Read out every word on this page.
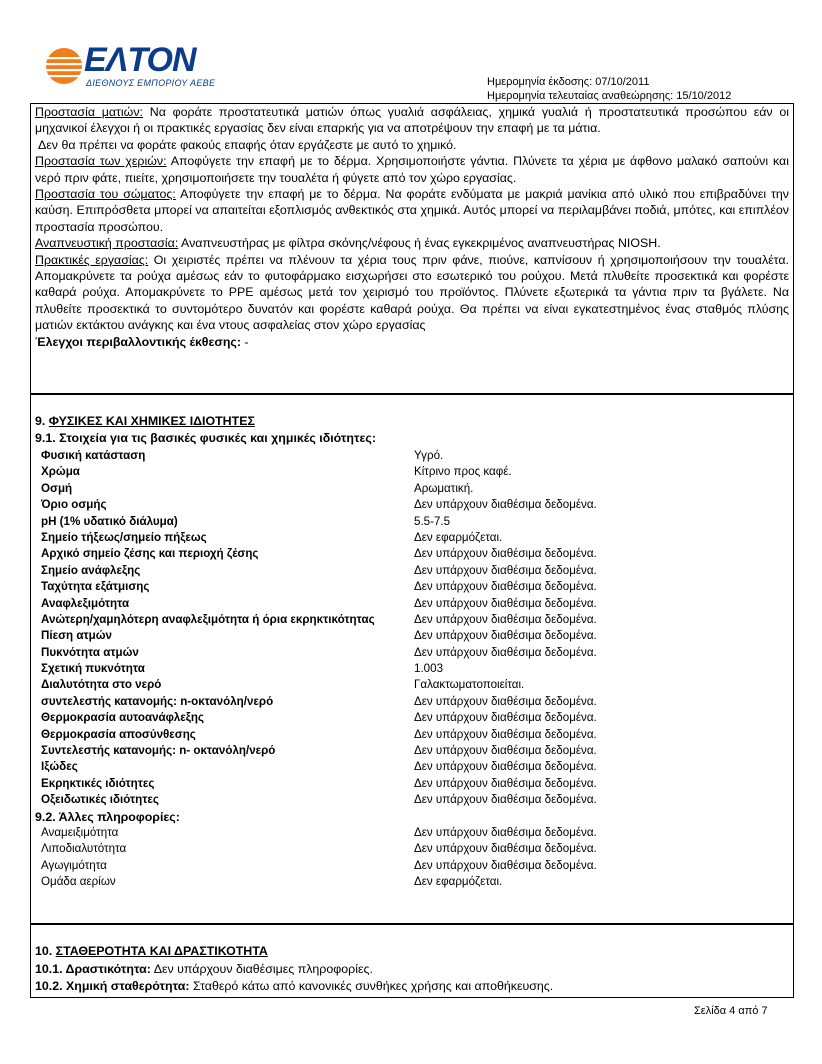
EΛTON
ΔΙΕΘΝΟΥΣ ΕΜΠΟΡΙΟΥ ΑΕΒΕ	Ημερομηνία έκδοσης: 07/10/2011
Ημερομηνία τελευταίας αναθεώρησης: 15/10/2012
Προστασία ματιών: Να φοράτε προστατευτικά ματιών όπως γυαλιά ασφάλειας, χημικά γυαλιά ή προστατευτικά προσώπου εάν οι μηχανικοί έλεγχοι ή οι πρακτικές εργασίας δεν είναι επαρκής για να αποτρέψουν την επαφή με τα μάτια.
Δεν θα πρέπει να φοράτε φακούς επαφής όταν εργάζεστε με αυτό το χημικό.
Προστασία των χεριών: Αποφύγετε την επαφή με το δέρμα. Χρησιμοποιήστε γάντια. Πλύνετε τα χέρια με άφθονο μαλακό σαπούνι και νερό πριν φάτε, πιείτε, χρησιμοποιήσετε την τουαλέτα ή φύγετε από τον χώρο εργασίας.
Προστασία του σώματος: Αποφύγετε την επαφή με το δέρμα. Να φοράτε ενδύματα με μακριά μανίκια από υλικό που επιβραδύνει την καύση. Επιπρόσθετα μπορεί να απαιτείται εξοπλισμός ανθεκτικός στα χημικά. Αυτός μπορεί να περιλαμβάνει ποδιά, μπότες, και επιπλέον προστασία προσώπου.
Αναπνευστική προστασία: Αναπνευστήρας με φίλτρα σκόνης/νέφους ή ένας εγκεκριμένος αναπνευστήρας NIOSH.
Πρακτικές εργασίας: Οι χειριστές πρέπει να πλένουν τα χέρια τους πριν φάνε, πιούνε, καπνίσουν ή χρησιμοποιήσουν την τουαλέτα. Απομακρύνετε τα ρούχα αμέσως εάν το φυτοφάρμακο εισχωρήσει στο εσωτερικό του ρούχου. Μετά πλυθείτε προσεκτικά και φορέστε καθαρά ρούχα. Απομακρύνετε το PPE αμέσως μετά τον χειρισμό του προϊόντος. Πλύνετε εξωτερικά τα γάντια πριν τα βγάλετε. Να πλυθείτε προσεκτικά το συντομότερο δυνατόν και φορέστε καθαρά ρούχα. Θα πρέπει να είναι εγκατεστημένος ένας σταθμός πλύσης ματιών εκτάκτου ανάγκης και ένα ντους ασφαλείας στον χώρο εργασίας
Έλεγχοι περιβαλλοντικής έκθεσης: -
9. ΦΥΣΙΚΕΣ ΚΑΙ ΧΗΜΙΚΕΣ ΙΔΙΟΤΗΤΕΣ
9.1. Στοιχεία για τις βασικές φυσικές και χημικές ιδιότητες:
Φυσική κατάσταση	Υγρό.
Χρώμα	Κίτρινο προς καφέ.
Οσμή	Αρωματική.
Όριο οσμής	Δεν υπάρχουν διαθέσιμα δεδομένα.
pH (1% υδατικό διάλυμα)	5.5-7.5
Σημείο τήξεως/σημείο πήξεως	Δεν εφαρμόζεται.
Αρχικό σημείο ζέσης και περιοχή ζέσης	Δεν υπάρχουν διαθέσιμα δεδομένα.
Σημείο ανάφλεξης	Δεν υπάρχουν διαθέσιμα δεδομένα.
Ταχύτητα εξάτμισης	Δεν υπάρχουν διαθέσιμα δεδομένα.
Αναφλεξιμότητα	Δεν υπάρχουν διαθέσιμα δεδομένα.
Ανώτερη/χαμηλότερη αναφλεξιμότητα ή όρια εκρηκτικότητας	Δεν υπάρχουν διαθέσιμα δεδομένα.
Πίεση ατμών	Δεν υπάρχουν διαθέσιμα δεδομένα.
Πυκνότητα ατμών	Δεν υπάρχουν διαθέσιμα δεδομένα.
Σχετική πυκνότητα	1.003
Διαλυτότητα στο νερό	Γαλακτωματοποιείται.
συντελεστής κατανομής: n-οκτανόλη/νερό	Δεν υπάρχουν διαθέσιμα δεδομένα.
Θερμοκρασία αυτοανάφλεξης	Δεν υπάρχουν διαθέσιμα δεδομένα.
Θερμοκρασία αποσύνθεσης	Δεν υπάρχουν διαθέσιμα δεδομένα.
Συντελεστής κατανομής: n- οκτανόλη/νερό	Δεν υπάρχουν διαθέσιμα δεδομένα.
Ιξώδες	Δεν υπάρχουν διαθέσιμα δεδομένα.
Εκρηκτικές ιδιότητες	Δεν υπάρχουν διαθέσιμα δεδομένα.
Οξειδωτικές ιδιότητες	Δεν υπάρχουν διαθέσιμα δεδομένα.
9.2. Άλλες πληροφορίες:
Αναμειξιμότητα	Δεν υπάρχουν διαθέσιμα δεδομένα.
Λιποδιαλυτότητα	Δεν υπάρχουν διαθέσιμα δεδομένα.
Αγωγιμότητα	Δεν υπάρχουν διαθέσιμα δεδομένα.
Ομάδα αερίων	Δεν εφαρμόζεται.
10. ΣΤΑΘΕΡΟΤΗΤΑ ΚΑΙ ΔΡΑΣΤΙΚΟΤΗΤΑ
10.1. Δραστικότητα: Δεν υπάρχουν διαθέσιμες πληροφορίες.
10.2. Χημική σταθερότητα: Σταθερό κάτω από κανονικές συνθήκες χρήσης και αποθήκευσης.
Σελίδα 4 από 7
